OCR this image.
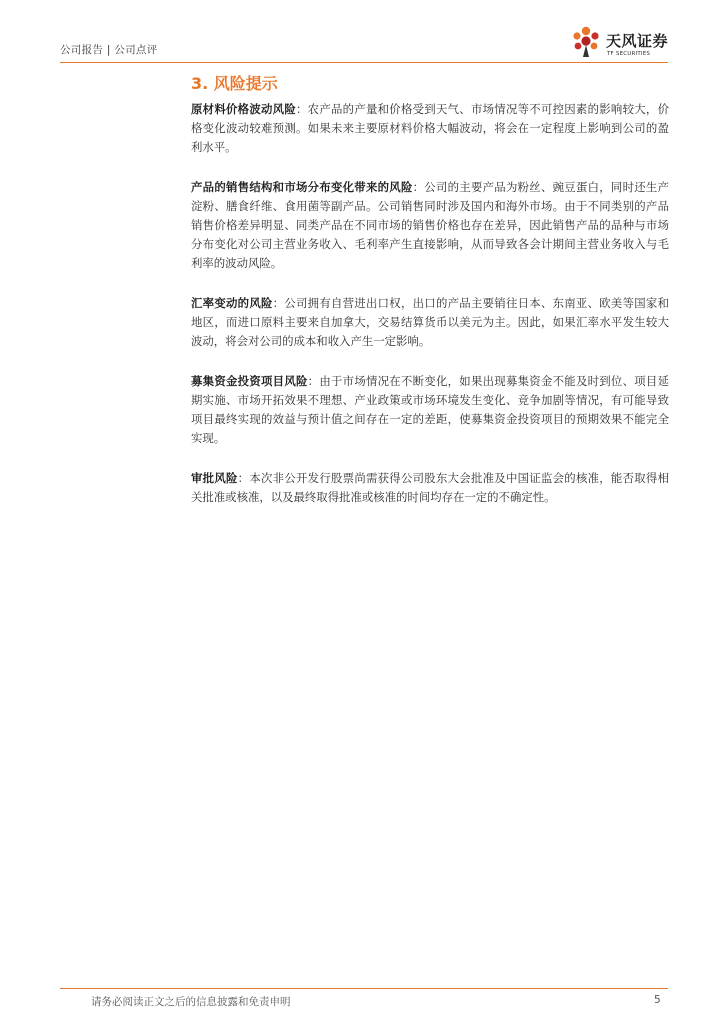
公司报告 | 公司点评	天风证券
TF SECURITIES
3. 风险提示

原材料价格波动风险：农产品的产量和价格受到天气、市场情况等不可控因素的影响较大，价格变化波动较难预测。如果未来主要原材料价格大幅波动，将会在一定程度上影响到公司的盈利水平。

产品的销售结构和市场分布变化带来的风险：公司的主要产品为粉丝、豌豆蛋白，同时还生产淀粉、膳食纤维、食用菌等副产品。公司销售同时涉及国内和海外市场。由于不同类别的产品销售价格差异明显、同类产品在不同市场的销售价格也存在差异，因此销售产品的品种与市场分布变化对公司主营业务收入、毛利率产生直接影响，从而导致各会计期间主营业务收入与毛利率的波动风险。

汇率变动的风险：公司拥有自营进出口权，出口的产品主要销往日本、东南亚、欧美等国家和地区，而进口原料主要来自加拿大，交易结算货币以美元为主。因此，如果汇率水平发生较大波动，将会对公司的成本和收入产生一定影响。

募集资金投资项目风险：由于市场情况在不断变化，如果出现募集资金不能及时到位、项目延期实施、市场开拓效果不理想、产业政策或市场环境发生变化、竞争加剧等情况，有可能导致项目最终实现的效益与预计值之间存在一定的差距，使募集资金投资项目的预期效果不能完全实现。

审批风险：本次非公开发行股票尚需获得公司股东大会批准及中国证监会的核准，能否取得相关批准或核准，以及最终取得批准或核准的时间均存在一定的不确定性。

请务必阅读正文之后的信息披露和免责申明	5
